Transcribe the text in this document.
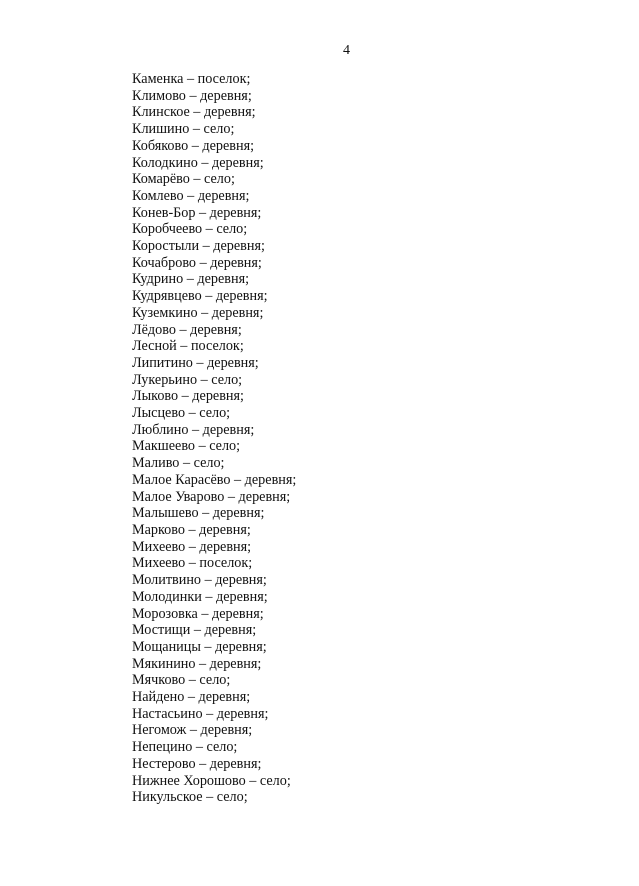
4
Каменка – поселок;
Климово – деревня;
Клинское – деревня;
Клишино – село;
Кобяково – деревня;
Колодкино – деревня;
Комарёво – село;
Комлево – деревня;
Конев-Бор – деревня;
Коробчеево – село;
Коростыли – деревня;
Кочаброво – деревня;
Кудрино – деревня;
Кудрявцево – деревня;
Куземкино – деревня;
Лёдово – деревня;
Лесной – поселок;
Липитино – деревня;
Лукерьино – село;
Лыково – деревня;
Лысцево – село;
Люблино – деревня;
Макшеево – село;
Маливо – село;
Малое Карасёво – деревня;
Малое Уварово – деревня;
Малышево – деревня;
Марково – деревня;
Михеево – деревня;
Михеево – поселок;
Молитвино – деревня;
Молодинки – деревня;
Морозовка – деревня;
Мостищи – деревня;
Мощаницы – деревня;
Мякинино – деревня;
Мячково – село;
Найдено – деревня;
Настасьино – деревня;
Негомож – деревня;
Непецино – село;
Нестерово – деревня;
Нижнее Хорошово – село;
Никульское – село;
